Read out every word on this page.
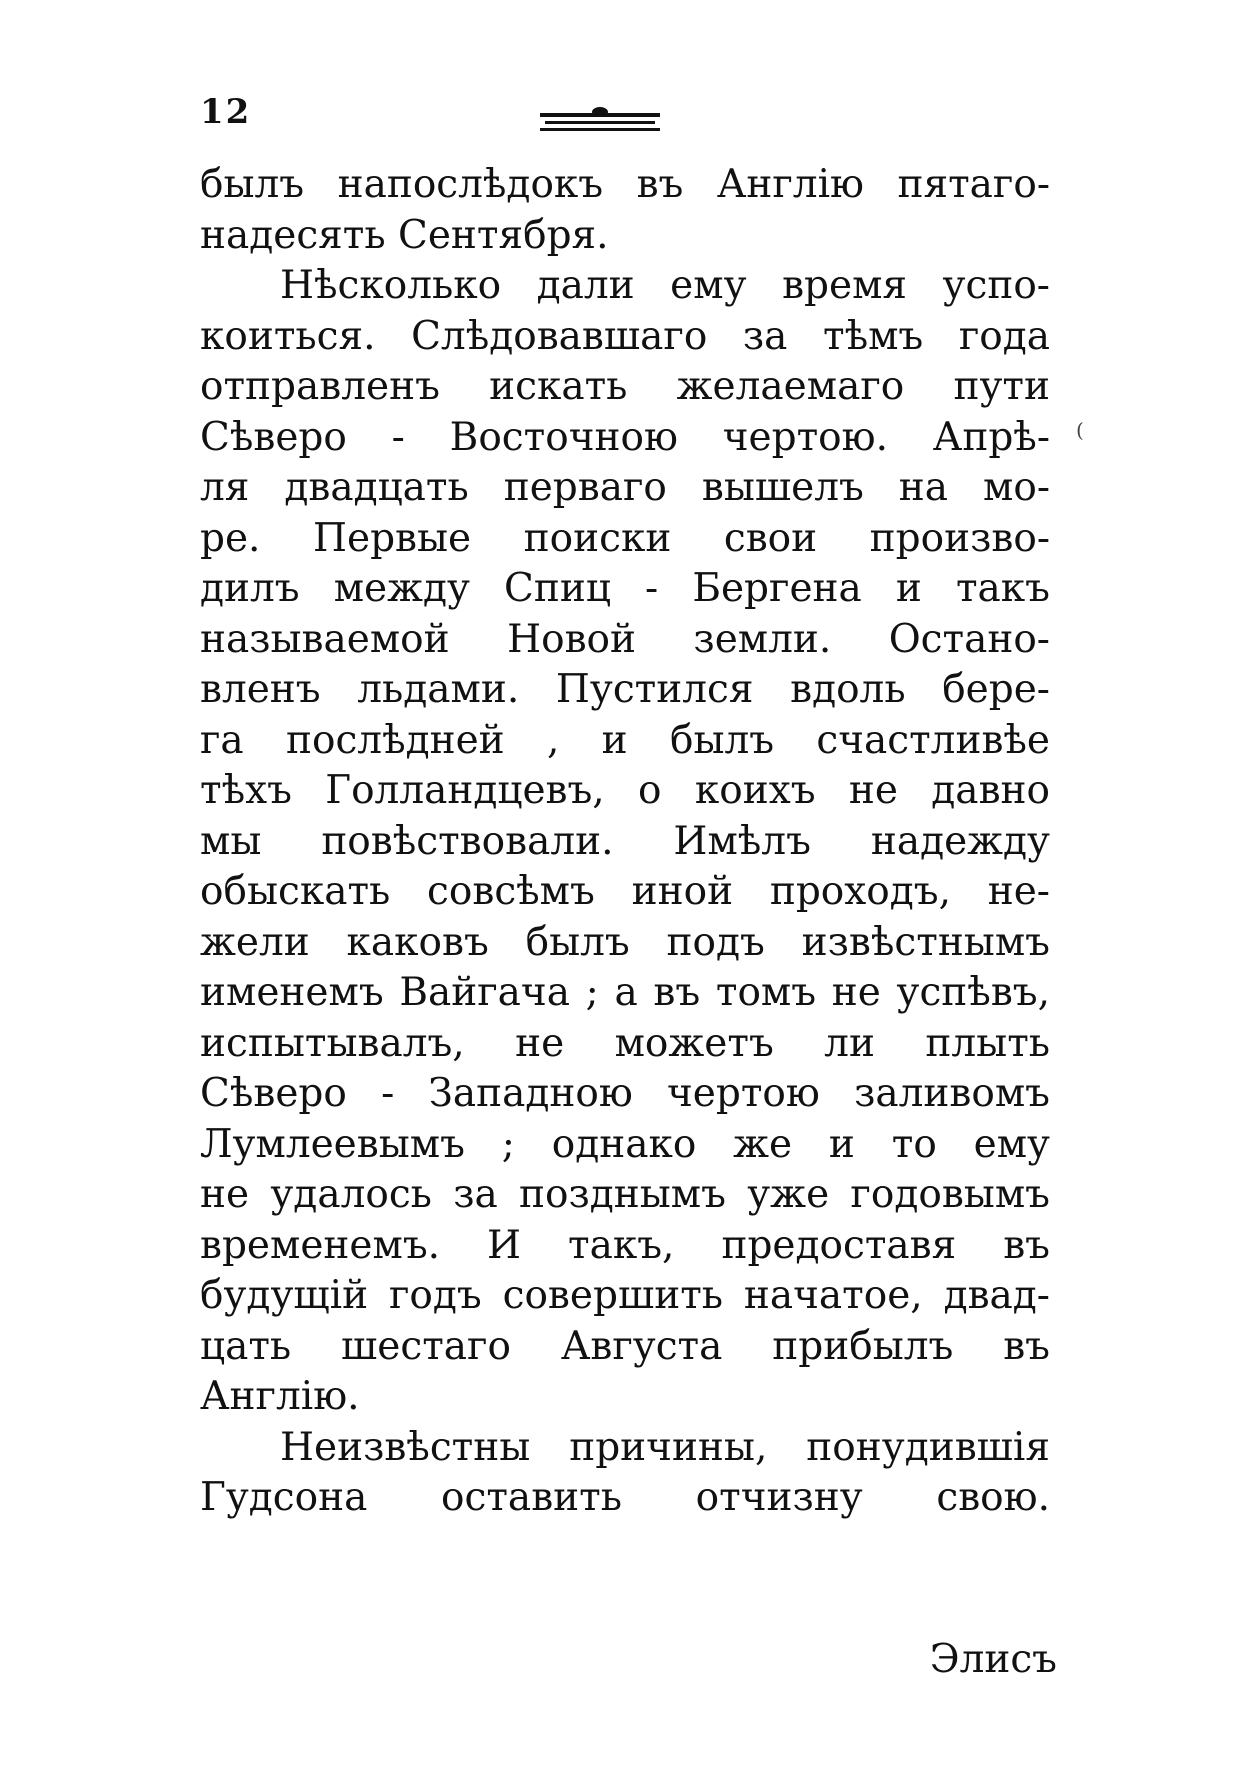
12
(
былъ напослѣдокъ въ Англію пятаго-
надесять Сентября.
Нѣсколько дали ему время успо-
коиться. Слѣдовавшаго за тѣмъ года
отправленъ искать желаемаго пути
Сѣверо - Восточною чертою. Апрѣ-
ля двадцать перваго вышелъ на мо-
ре. Первые поиски свои произво-
дилъ между Спиц - Бергена и такъ
называемой Новой земли. Остано-
вленъ льдами. Пустился вдоль бере-
га послѣдней , и былъ счастливѣе
тѣхъ Голландцевъ, о коихъ не давно
мы повѣствовали. Имѣлъ надежду
обыскать совсѣмъ иной проходъ, не-
жели каковъ былъ подъ извѣстнымъ
именемъ Вайгача ; а въ томъ не успѣвъ,
испытывалъ, не можетъ ли плыть
Сѣверо - Западною чертою заливомъ
Лумлеевымъ ; однако же и то ему
не удалось за позднымъ уже годовымъ
временемъ. И такъ, предоставя въ
будущій годъ совершить начатое, двад-
цать шестаго Августа прибылъ въ
Англію.
Неизвѣстны причины, понудившія
Гудсона оставить отчизну свою.
Элисъ
